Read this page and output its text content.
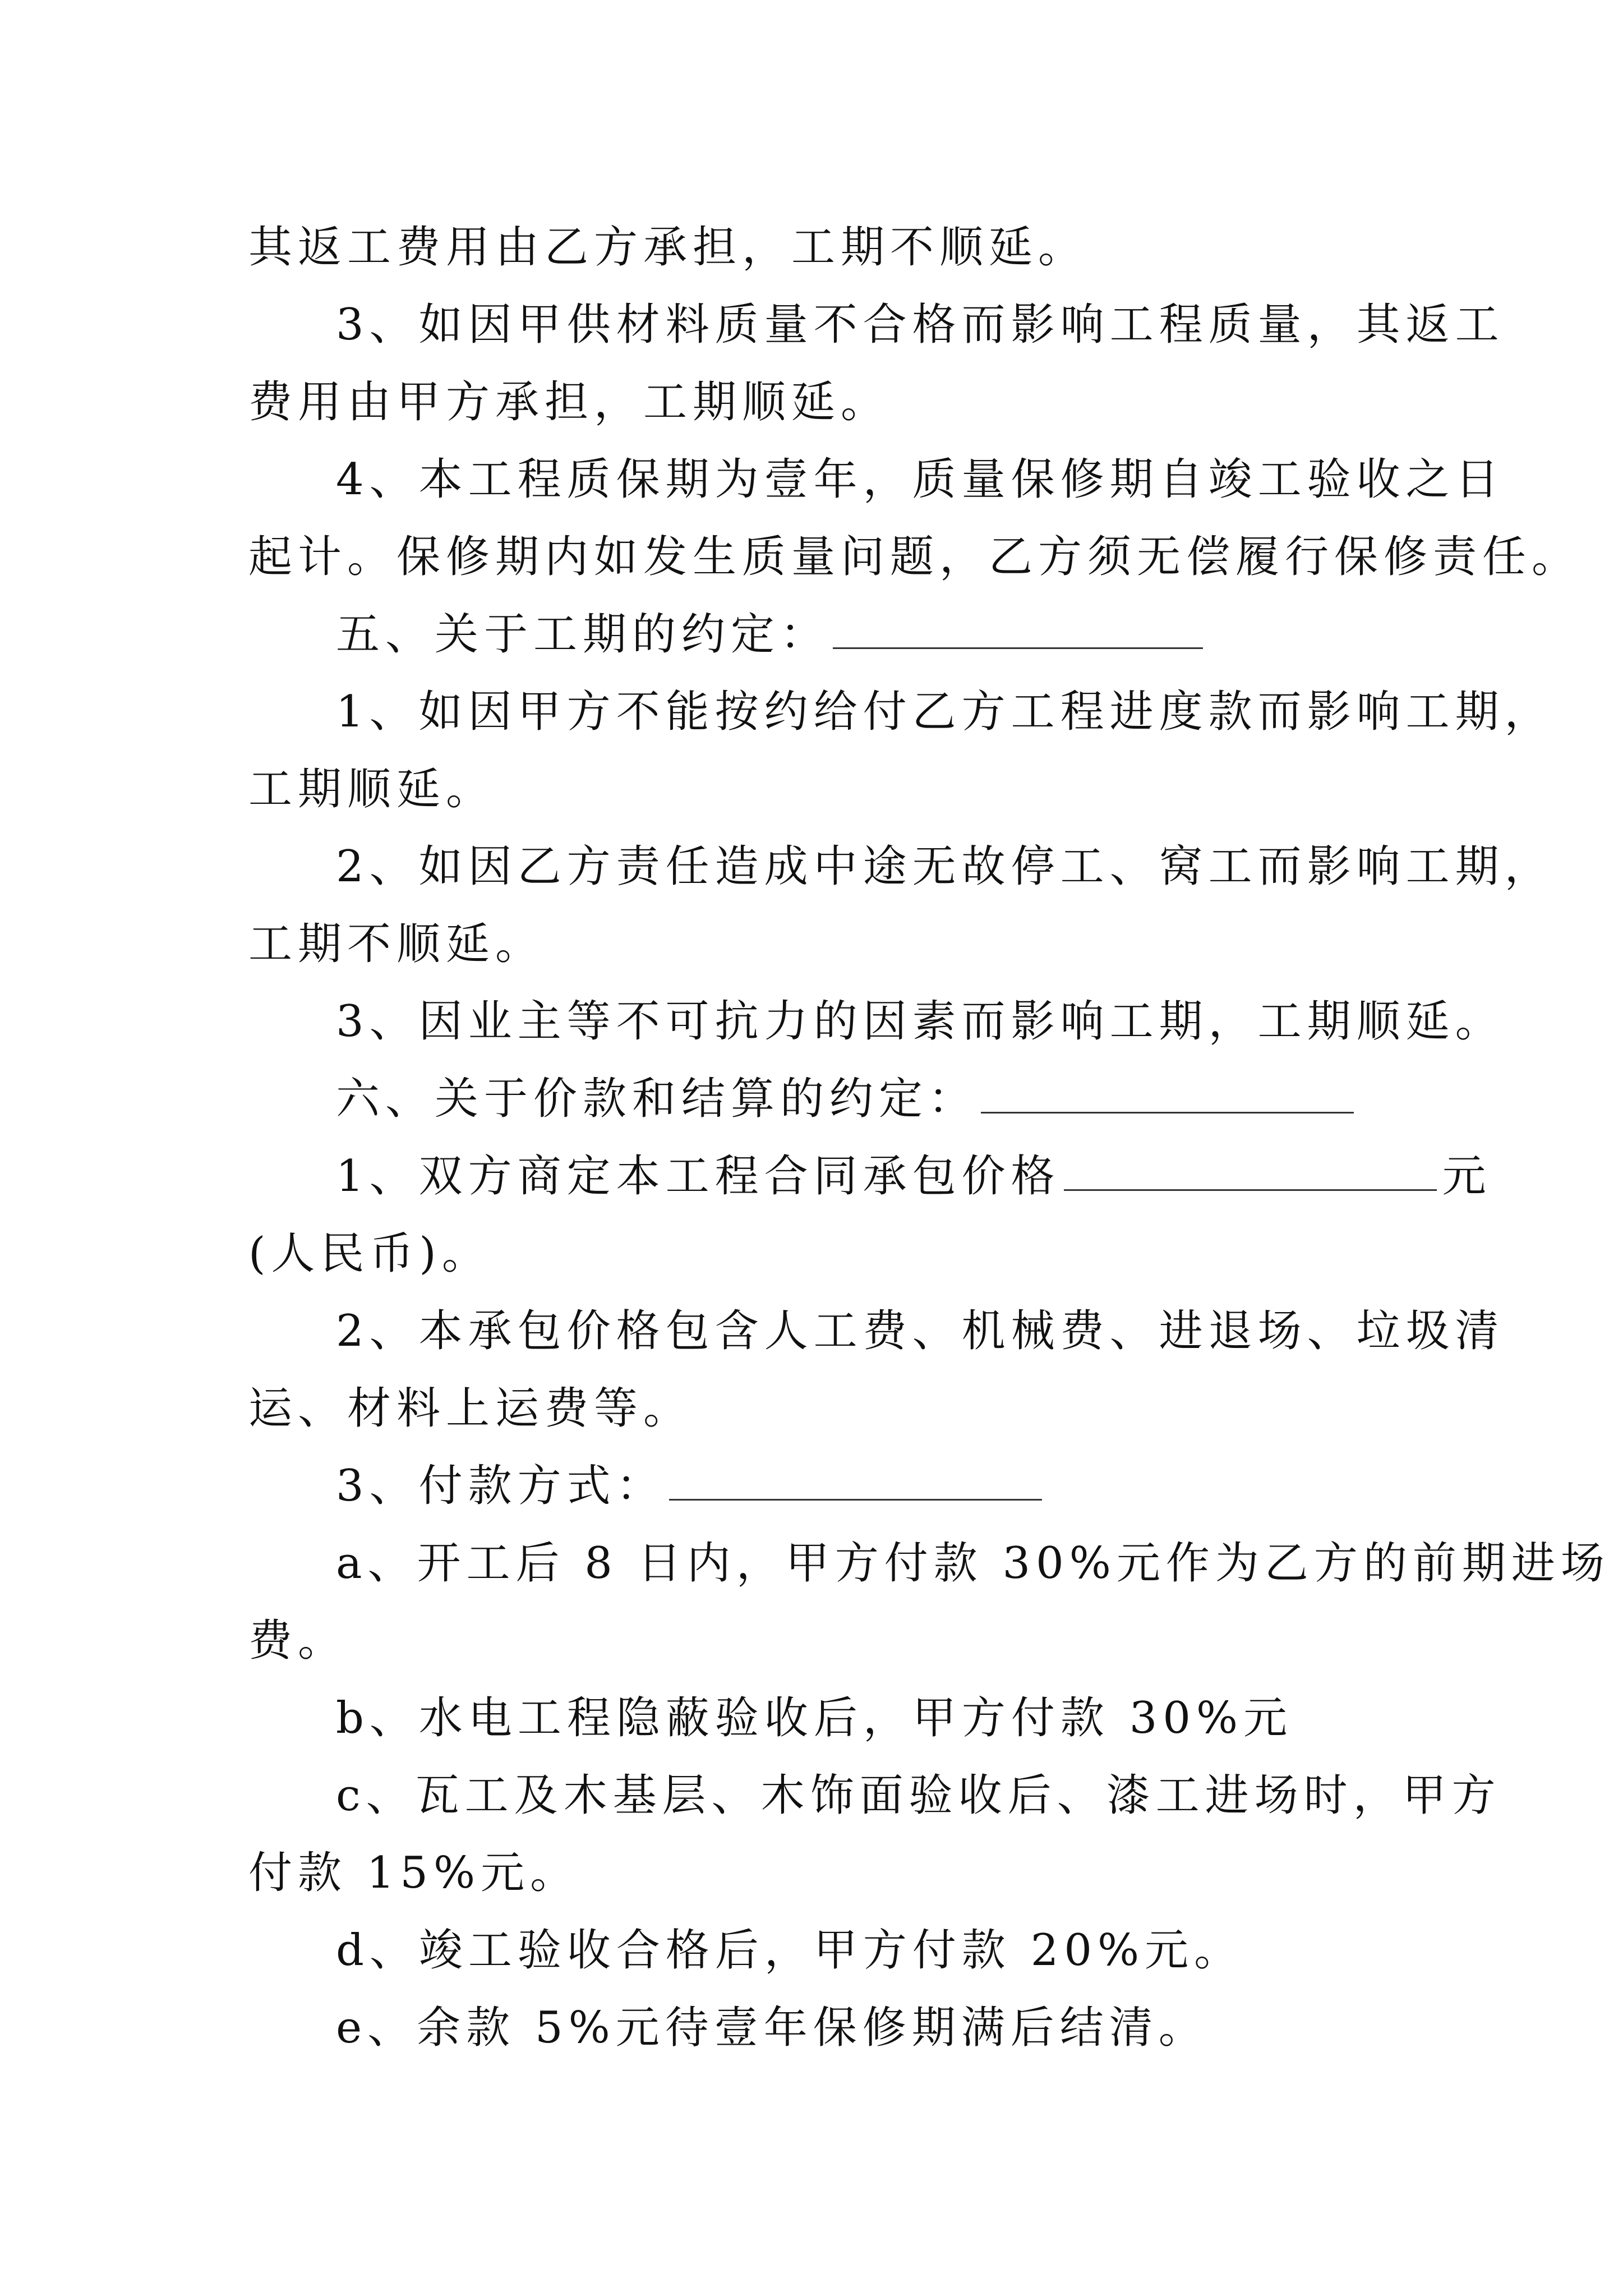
其返工费用由乙方承担，工期不顺延。
3、如因甲供材料质量不合格而影响工程质量，其返工
费用由甲方承担，工期顺延。
4、本工程质保期为壹年，质量保修期自竣工验收之日
起计。保修期内如发生质量问题，乙方须无偿履行保修责任。
五、关于工期的约定：
1、如因甲方不能按约给付乙方工程进度款而影响工期，
工期顺延。
2、如因乙方责任造成中途无故停工、窝工而影响工期，
工期不顺延。
3、因业主等不可抗力的因素而影响工期，工期顺延。
六、关于价款和结算的约定：
1、双方商定本工程合同承包价格	元
(人民币)。
2、本承包价格包含人工费、机械费、进退场、垃圾清
运、材料上运费等。
3、付款方式：
a、开工后 8 日内，甲方付款 30%元作为乙方的前期进场
费。
b、水电工程隐蔽验收后，甲方付款 30%元
c、瓦工及木基层、木饰面验收后、漆工进场时，甲方
付款 15%元。
d、竣工验收合格后，甲方付款 20%元。
e、余款 5%元待壹年保修期满后结清。
